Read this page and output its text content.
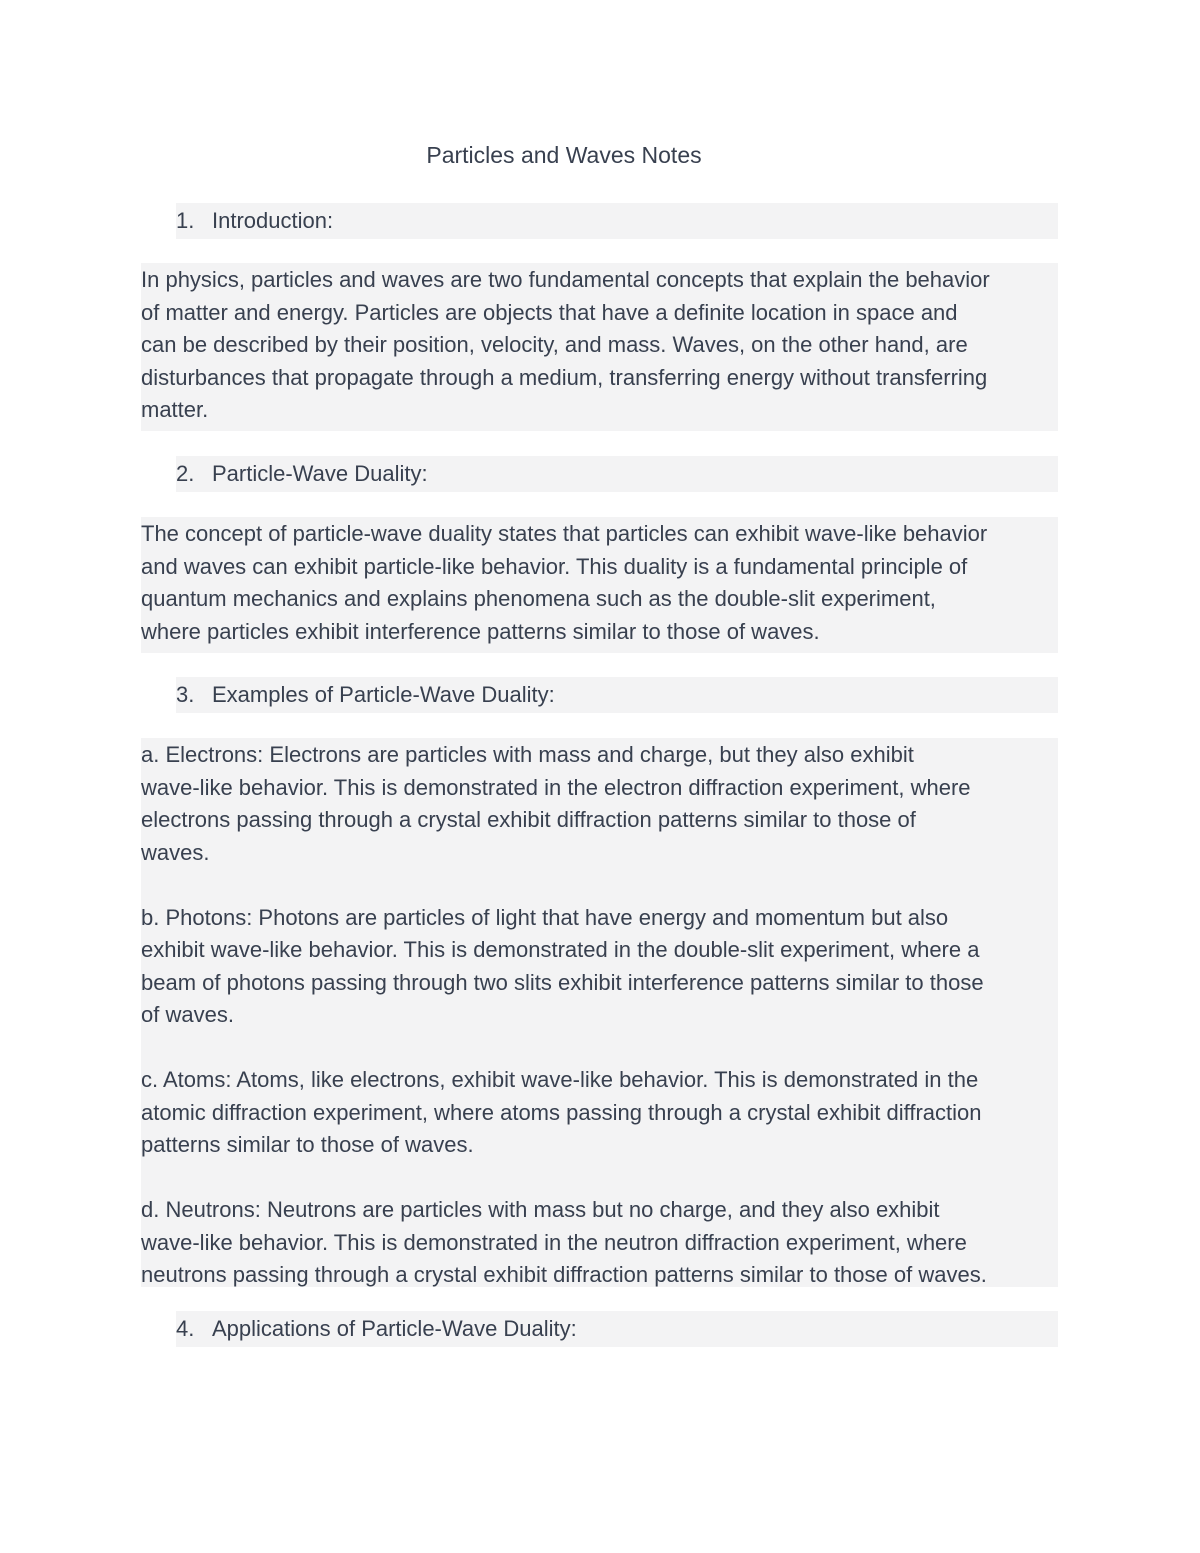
Particles and Waves Notes
1. Introduction:

In physics, particles and waves are two fundamental concepts that explain the behavior

of matter and energy. Particles are objects that have a definite location in space and

can be described by their position, velocity, and mass. Waves, on the other hand, are

disturbances that propagate through a medium, transferring energy without transferring

matter.

2. Particle-Wave Duality:

The concept of particle-wave duality states that particles can exhibit wave-like behavior

and waves can exhibit particle-like behavior. This duality is a fundamental principle of

quantum mechanics and explains phenomena such as the double-slit experiment,

where particles exhibit interference patterns similar to those of waves.

3. Examples of Particle-Wave Duality:

a. Electrons: Electrons are particles with mass and charge, but they also exhibit

wave-like behavior. This is demonstrated in the electron diffraction experiment, where

electrons passing through a crystal exhibit diffraction patterns similar to those of

waves.

b. Photons: Photons are particles of light that have energy and momentum but also

exhibit wave-like behavior. This is demonstrated in the double-slit experiment, where a

beam of photons passing through two slits exhibit interference patterns similar to those

of waves.

c. Atoms: Atoms, like electrons, exhibit wave-like behavior. This is demonstrated in the

atomic diffraction experiment, where atoms passing through a crystal exhibit diffraction

patterns similar to those of waves.

d. Neutrons: Neutrons are particles with mass but no charge, and they also exhibit

wave-like behavior. This is demonstrated in the neutron diffraction experiment, where

neutrons passing through a crystal exhibit diffraction patterns similar to those of waves.

4. Applications of Particle-Wave Duality:
